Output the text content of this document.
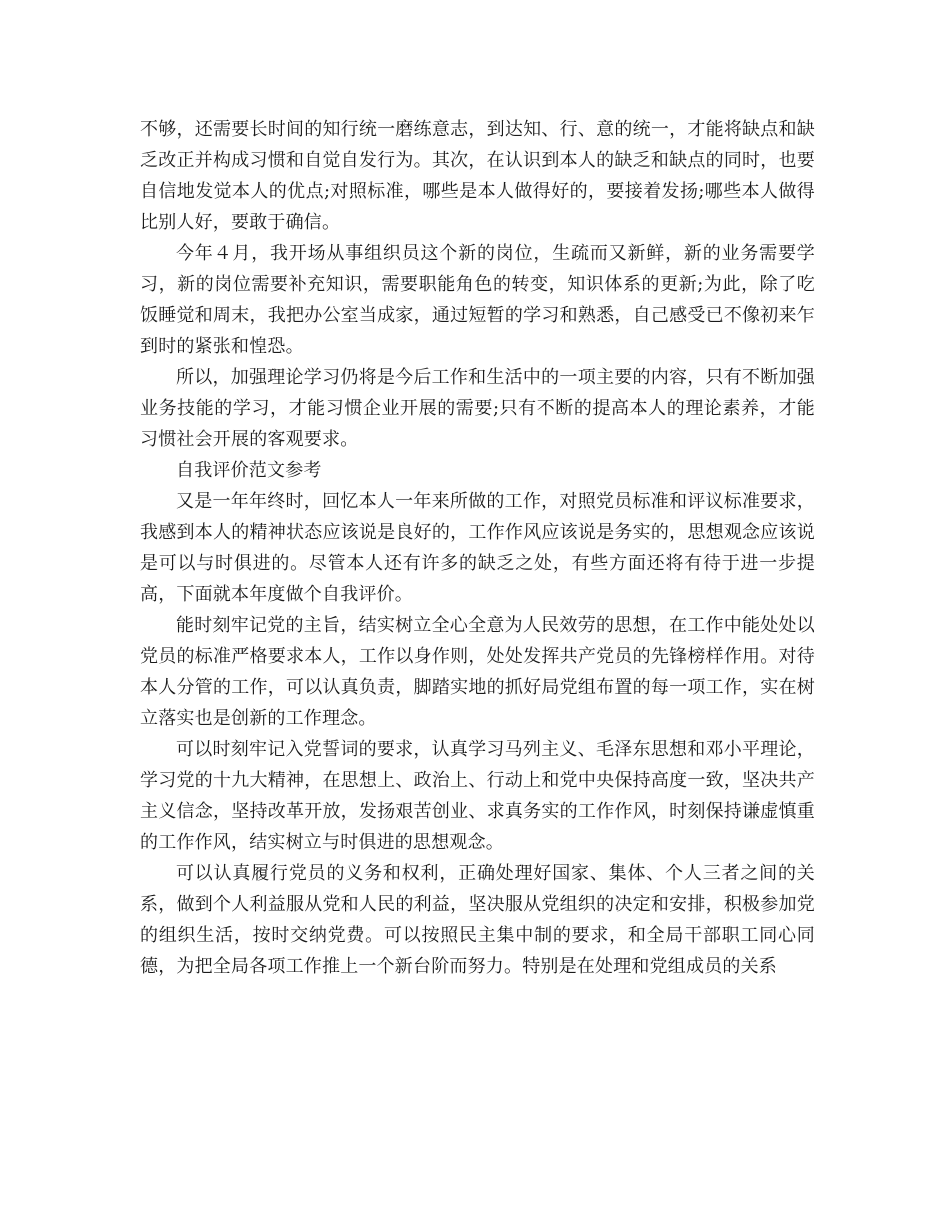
不够，还需要长时间的知行统一磨练意志，到达知、行、意的统一，才能将缺点和缺乏改正并构成习惯和自觉自发行为。其次，在认识到本人的缺乏和缺点的同时，也要自信地发觉本人的优点;对照标准，哪些是本人做得好的，要接着发扬;哪些本人做得比别人好，要敢于确信。

今年４月，我开场从事组织员这个新的岗位，生疏而又新鲜，新的业务需要学习，新的岗位需要补充知识，需要职能角色的转变，知识体系的更新;为此，除了吃饭睡觉和周末，我把办公室当成家，通过短暂的学习和熟悉，自己感受已不像初来乍到时的紧张和惶恐。

所以，加强理论学习仍将是今后工作和生活中的一项主要的内容，只有不断加强业务技能的学习，才能习惯企业开展的需要;只有不断的提高本人的理论素养，才能习惯社会开展的客观要求。

自我评价范文参考

又是一年年终时，回忆本人一年来所做的工作，对照党员标准和评议标准要求，我感到本人的精神状态应该说是良好的，工作作风应该说是务实的，思想观念应该说是可以与时俱进的。尽管本人还有许多的缺乏之处，有些方面还将有待于进一步提高，下面就本年度做个自我评价。

能时刻牢记党的主旨，结实树立全心全意为人民效劳的思想，在工作中能处处以党员的标准严格要求本人，工作以身作则，处处发挥共产党员的先锋榜样作用。对待本人分管的工作，可以认真负责，脚踏实地的抓好局党组布置的每一项工作，实在树立落实也是创新的工作理念。

可以时刻牢记入党誓词的要求，认真学习马列主义、毛泽东思想和邓小平理论，学习党的十九大精神，在思想上、政治上、行动上和党中央保持高度一致，坚决共产主义信念，坚持改革开放，发扬艰苦创业、求真务实的工作作风，时刻保持谦虚慎重的工作作风，结实树立与时俱进的思想观念。

可以认真履行党员的义务和权利，正确处理好国家、集体、个人三者之间的关系，做到个人利益服从党和人民的利益，坚决服从党组织的决定和安排，积极参加党的组织生活，按时交纳党费。可以按照民主集中制的要求，和全局干部职工同心同德，为把全局各项工作推上一个新台阶而努力。特别是在处理和党组成员的关系
